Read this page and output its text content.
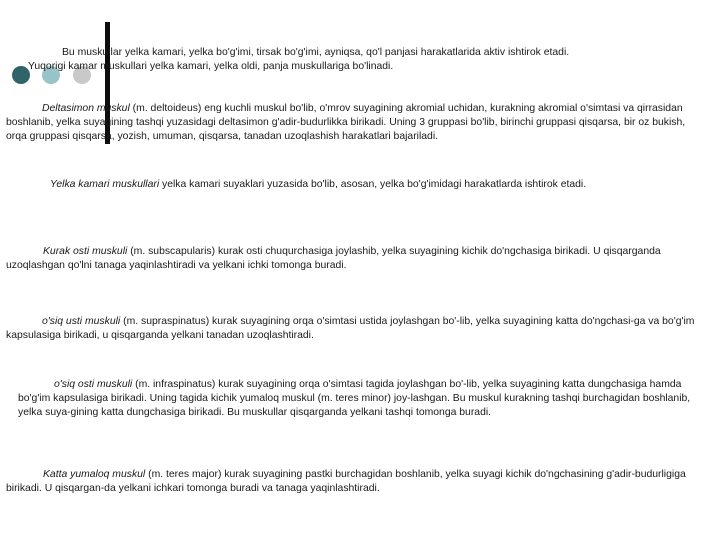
Bu muskullar yelka kamari, yelka bo'g'imi, tirsak bo'g'imi, ayniqsa, qo'l panjasi harakatlarida aktiv ishtirok etadi.
Yuqorigi kamar muskullari yelka kamari, yelka oldi, panja muskullariga bo'linadi.

Deltasimon muskul (m. deltoideus) eng kuchli muskul bo'lib, o'mrov suyagining akromial uchidan, kurakning akromial o'simtasi va qirrasidan boshlanib, yelka suyagining tashqi yuzasidagi deltasimon g'adir-budurlikka birikadi. Uning 3 gruppasi bo'lib, birinchi gruppasi qisqarsa, bir oz bukish, orqa gruppasi qisqarsa, yozish, umuman, qisqarsa, tanadan uzoqlashish harakatlari bajariladi.

Yelka kamari muskullari yelka kamari suyaklari yuzasida bo'lib, asosan, yelka bo'g'imidagi harakatlarda ishtirok etadi.

Kurak osti muskuli (m. subscapularis) kurak osti chuqurchasiga joylashib, yelka suyagining kichik do'ngchasiga birikadi. U qisqarganda uzoqlashgan qo'lni tanaga yaqinlashtiradi va yelkani ichki tomonga buradi.

o'siq usti muskuli (m. supraspinatus) kurak suyagining orqa o'simtasi ustida joylashgan bo'-lib, yelka suyagining katta do'ngchasi-ga va bo'g'im kapsulasiga birikadi, u qisqarganda yelkani tanadan uzoqlashtiradi.

o'siq osti muskuli (m. infraspinatus) kurak suyagining orqa o'simtasi tagida joylashgan bo'-lib, yelka suyagining katta dungchasiga hamda bo'g'im kapsulasiga birikadi. Uning tagida kichik yumaloq muskul (m. teres minor) joy-lashgan. Bu muskul kurakning tashqi burchagidan boshlanib, yelka suya-gining katta dungchasiga birikadi. Bu muskullar qisqarganda yelkani tashqi tomonga buradi.

Katta yumaloq muskul (m. teres major) kurak suyagining pastki burchagidan boshlanib, yelka suyagi kichik do'ngchasining g'adir-budurligiga birikadi. U qisqargan-da yelkani ichkari tomonga buradi va tanaga yaqinlashtiradi.
